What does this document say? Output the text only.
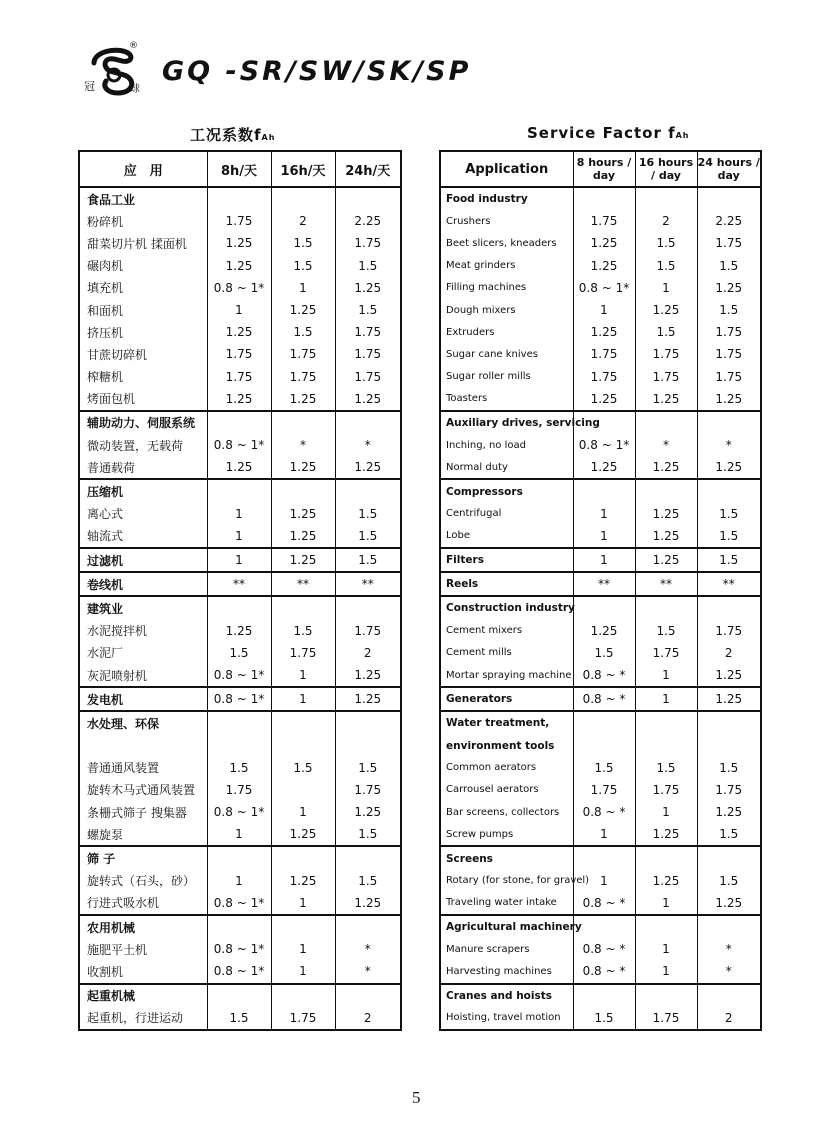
®
冠	球
GQ -SR/SW/SK/SP
工况系数fAh	Service Factor fAh
应　用	8h/天	16h/天	24h/天
食品工业			
粉碎机	1.75	2	2.25
甜菜切片机 揉面机	1.25	1.5	1.75
碾肉机	1.25	1.5	1.5
填充机	0.8 ~ 1*	1	1.25
和面机	1	1.25	1.5
挤压机	1.25	1.5	1.75
甘蔗切碎机	1.75	1.75	1.75
榨糖机	1.75	1.75	1.75
烤面包机	1.25	1.25	1.25
辅助动力、伺服系统			
微动装置，无载荷	0.8 ~ 1*	*	*
普通载荷	1.25	1.25	1.25
压缩机			
离心式	1	1.25	1.5
轴流式	1	1.25	1.5
过滤机	1	1.25	1.5
卷线机	**	**	**
建筑业			
水泥搅拌机	1.25	1.5	1.75
水泥厂	1.5	1.75	2
灰泥喷射机	0.8 ~ 1*	1	1.25
发电机	0.8 ~ 1*	1	1.25
水处理、环保			

普通通风装置	1.5	1.5	1.5
旋转木马式通风装置	1.75		1.75
条栅式筛子 搜集器	0.8 ~ 1*	1	1.25
螺旋泵	1	1.25	1.5
筛 子			
旋转式（石头，砂）	1	1.25	1.5
行进式吸水机	0.8 ~ 1*	1	1.25
农用机械			
施肥平土机	0.8 ~ 1*	1	*
收割机	0.8 ~ 1*	1	*
起重机械			
起重机，行进运动	1.5	1.75	2
Application	8 hours / day	16 hours / day	24 hours / day
Food industry			
Crushers	1.75	2	2.25
Beet slicers, kneaders	1.25	1.5	1.75
Meat grinders	1.25	1.5	1.5
Filling machines	0.8 ~ 1*	1	1.25
Dough mixers	1	1.25	1.5
Extruders	1.25	1.5	1.75
Sugar cane knives	1.75	1.75	1.75
Sugar roller mills	1.75	1.75	1.75
Toasters	1.25	1.25	1.25
Auxiliary drives, servicing			
Inching, no load	0.8 ~ 1*	*	*
Normal duty	1.25	1.25	1.25
Compressors			
Centrifugal	1	1.25	1.5
Lobe	1	1.25	1.5
Filters	1	1.25	1.5
Reels	**	**	**
Construction industry			
Cement mixers	1.25	1.5	1.75
Cement mills	1.5	1.75	2
Mortar spraying machine	0.8 ~ *	1	1.25
Generators	0.8 ~ *	1	1.25
Water treatment,			
environment tools			
Common aerators	1.5	1.5	1.5
Carrousel aerators	1.75	1.75	1.75
Bar screens, collectors	0.8 ~ *	1	1.25
Screw pumps	1	1.25	1.5
Screens			
Rotary (for stone, for gravel)	1	1.25	1.5
Traveling water intake	0.8 ~ *	1	1.25
Agricultural machinery			
Manure scrapers	0.8 ~ *	1	*
Harvesting machines	0.8 ~ *	1	*
Cranes and hoists			
Hoisting, travel motion	1.5	1.75	2
5
